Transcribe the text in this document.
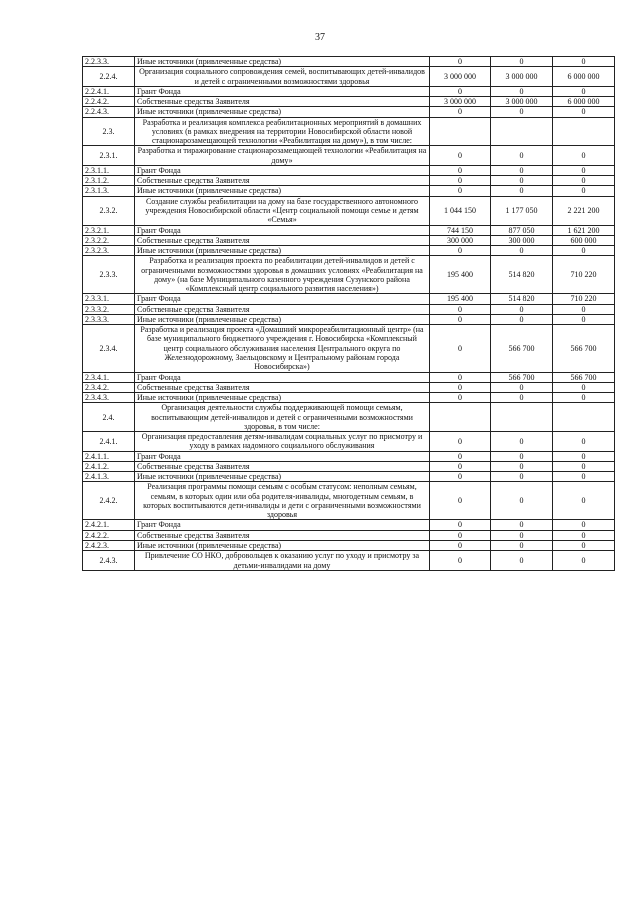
37
2.2.3.3.	Иные источники (привлеченные средства)	0	0	0
2.2.4.	Организация социального сопровождения семей, воспитывающих детей-инвалидов и детей с ограниченными возможностями здоровья	3 000 000	3 000 000	6 000 000
2.2.4.1.	Грант Фонда	0	0	0
2.2.4.2.	Собственные средства Заявителя	3 000 000	3 000 000	6 000 000
2.2.4.3.	Иные источники (привлеченные средства)	0	0	0
2.3.	Разработка и реализация комплекса реабилитационных мероприятий в домашних условиях (в рамках внедрения на территории Новосибирской области новой стационарозамещающей технологии «Реабилитация на дому»), в том числе:			
2.3.1.	Разработка и тиражирование стационарозамещающей технологии «Реабилитация на дому»	0	0	0
2.3.1.1.	Грант Фонда	0	0	0
2.3.1.2.	Собственные средства Заявителя	0	0	0
2.3.1.3.	Иные источники (привлеченные средства)	0	0	0
2.3.2.	Создание службы реабилитации на дому на базе государственного автономного учреждения Новосибирской области «Центр социальной помощи семье и детям «Семья»	1 044 150	1 177 050	2 221 200
2.3.2.1.	Грант Фонда	744 150	877 050	1 621 200
2.3.2.2.	Собственные средства Заявителя	300 000	300 000	600 000
2.3.2.3.	Иные источники (привлеченные средства)	0	0	0
2.3.3.	Разработка и реализация проекта по реабилитации детей-инвалидов и детей с ограниченными возможностями здоровья в домашних условиях «Реабилитация на дому» (на базе Муниципального казенного учреждения Сузунского района «Комплексный центр социального развития населения»)	195 400	514 820	710 220
2.3.3.1.	Грант Фонда	195 400	514 820	710 220
2.3.3.2.	Собственные средства Заявителя	0	0	0
2.3.3.3.	Иные источники (привлеченные средства)	0	0	0
2.3.4.	Разработка и реализация проекта «Домашний микрореабилитационный центр» (на базе муниципального бюджетного учреждения г. Новосибирска «Комплексный центр социального обслуживания населения Центрального округа по Железнодорожному, Заельцовскому и Центральному районам города Новосибирска»)	0	566 700	566 700
2.3.4.1.	Грант Фонда	0	566 700	566 700
2.3.4.2.	Собственные средства Заявителя	0	0	0
2.3.4.3.	Иные источники (привлеченные средства)	0	0	0
2.4.	Организация деятельности службы поддерживающей помощи семьям, воспитывающим детей-инвалидов и детей с ограниченными возможностями здоровья, в том числе:			
2.4.1.	Организация предоставления детям-инвалидам социальных услуг по присмотру и уходу в рамках надомного социального обслуживания	0	0	0
2.4.1.1.	Грант Фонда	0	0	0
2.4.1.2.	Собственные средства Заявителя	0	0	0
2.4.1.3.	Иные источники (привлеченные средства)	0	0	0
2.4.2.	Реализация программы помощи семьям с особым статусом: неполным семьям, семьям, в которых один или оба родителя-инвалиды, многодетным семьям, в которых воспитываются дети-инвалиды и дети с ограниченными возможностями здоровья	0	0	0
2.4.2.1.	Грант Фонда	0	0	0
2.4.2.2.	Собственные средства Заявителя	0	0	0
2.4.2.3.	Иные источники (привлеченные средства)	0	0	0
2.4.3.	Привлечение СО НКО, добровольцев к оказанию услуг по уходу и присмотру за детьми-инвалидами на дому	0	0	0
